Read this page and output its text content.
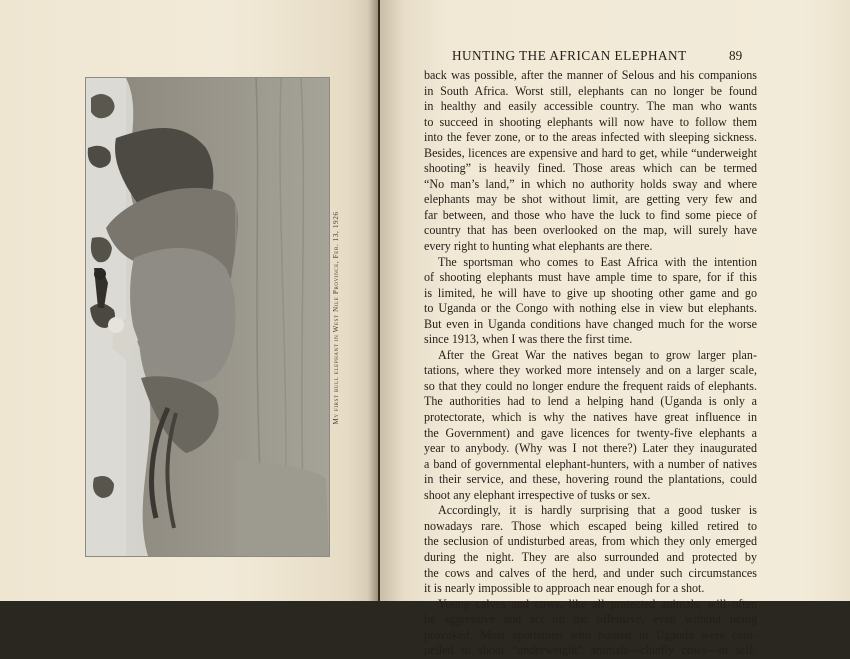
My first bull elephant in West Nile Province, Feb. 13, 1926
HUNTING THE AFRICAN ELEPHANT	89
back was possible, after the manner of Selous and his companions
in South Africa. Worst still, elephants can no longer be found
in healthy and easily accessible country. The man who wants
to succeed in shooting elephants will now have to follow them
into the fever zone, or to the areas infected with sleeping sickness.
Besides, licences are expensive and hard to get, while “underweight
shooting” is heavily fined. Those areas which can be termed
“No man’s land,” in which no authority holds sway and where
elephants may be shot without limit, are getting very few and
far between, and those who have the luck to find some piece of
country that has been overlooked on the map, will surely have
every right to hunting what elephants are there.
The sportsman who comes to East Africa with the intention
of shooting elephants must have ample time to spare, for if this
is limited, he will have to give up shooting other game and go
to Uganda or the Congo with nothing else in view but elephants.
But even in Uganda conditions have changed much for the worse
since 1913, when I was there the first time.
After the Great War the natives began to grow larger plan-
tations, where they worked more intensely and on a larger scale,
so that they could no longer endure the frequent raids of elephants.
The authorities had to lend a helping hand (Uganda is only a
protectorate, which is why the natives have great influence in
the Government) and gave licences for twenty-five elephants a
year to anybody. (Why was I not there?) Later they inaugurated
a band of governmental elephant-hunters, with a number of natives
in their service, and these, hovering round the plantations, could
shoot any elephant irrespective of tusks or sex.
Accordingly, it is hardly surprising that a good tusker is
nowadays rare. Those which escaped being killed retired to
the seclusion of undisturbed areas, from which they only emerged
during the night. They are also surrounded and protected by
the cows and calves of the herd, and under such circumstances
it is nearly impossible to approach near enough for a shot.
Young calves and cows, like all protected animals, will often
be aggressive and act on the offensive, even without being
provoked. Most sportsmen who hunted in Uganda were com-
pelled to shoot “underweight” animals—chiefly cows—in self-
